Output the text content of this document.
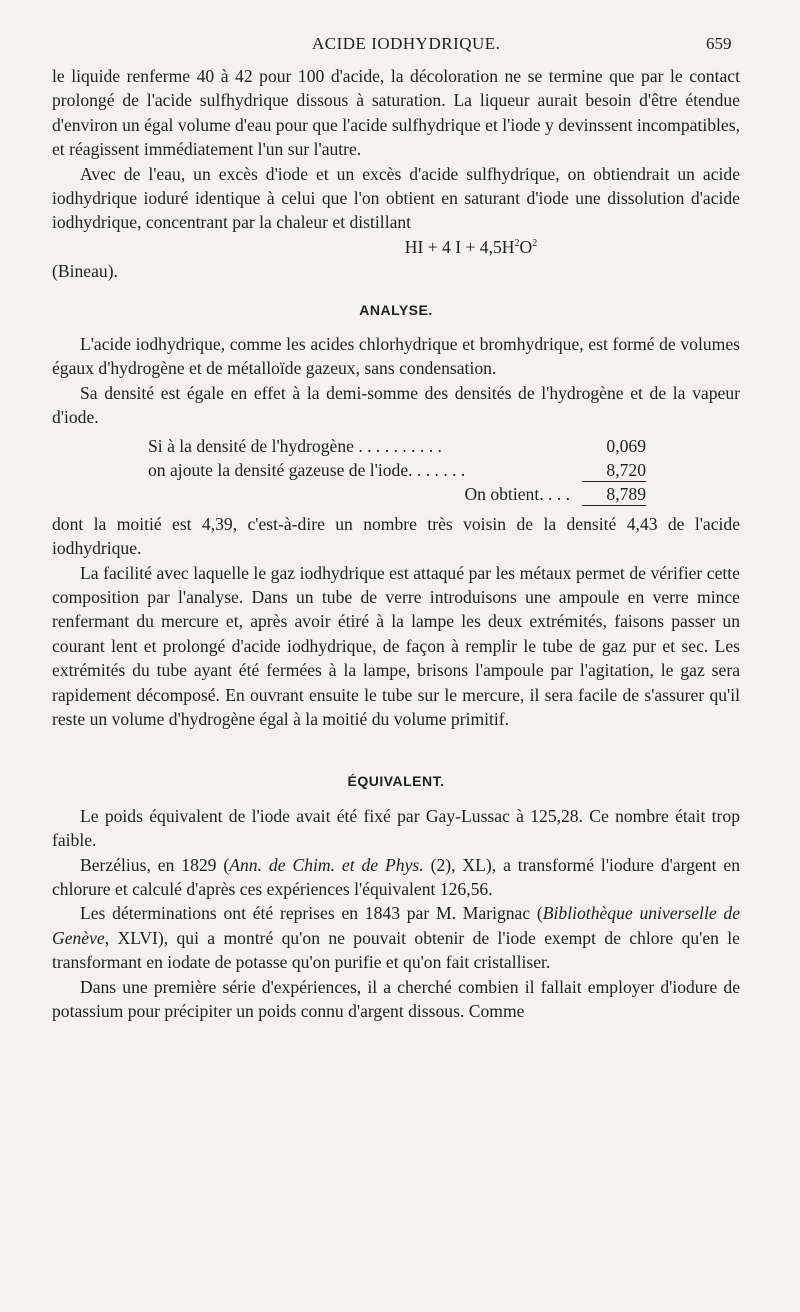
ACIDE IODHYDRIQUE.	659

le liquide renferme 40 à 42 pour 100 d'acide, la décoloration ne se termine que par le contact prolongé de l'acide sulfhydrique dissous à saturation. La liqueur aurait besoin d'être étendue d'environ un égal volume d'eau pour que l'acide sulfhydrique et l'iode y devinssent incompatibles, et réagissent immédiatement l'un sur l'autre.

Avec de l'eau, un excès d'iode et un excès d'acide sulfhydrique, on obtiendrait un acide iodhydrique ioduré identique à celui que l'on obtient en saturant d'iode une dissolution d'acide iodhydrique, concentrant par la chaleur et distillant

HI + 4 $I + 4,5H^2O^2$

(Bineau).

ANALYSE.

L'acide iodhydrique, comme les acides chlorhydrique et bromhydrique, est formé de volumes égaux d'hydrogène et de métalloïde gazeux, sans condensation.

Sa densité est égale en effet à la demi-somme des densités de l'hydrogène et de la vapeur d'iode.

Si à la densité de l'hydrogène . . . . . . . . . .	0,069
on ajoute la densité gazeuse de l'iode. . . . . . .	8,720
On obtient. . . .	8,789

dont la moitié est 4,39, c'est-à-dire un nombre très voisin de la densité 4,43 de l'acide iodhydrique.

La facilité avec laquelle le gaz iodhydrique est attaqué par les métaux permet de vérifier cette composition par l'analyse. Dans un tube de verre introduisons une ampoule en verre mince renfermant du mercure et, après avoir étiré à la lampe les deux extrémités, faisons passer un courant lent et prolongé d'acide iodhydrique, de façon à remplir le tube de gaz pur et sec. Les extrémités du tube ayant été fermées à la lampe, brisons l'ampoule par l'agitation, le gaz sera rapidement décomposé. En ouvrant ensuite le tube sur le mercure, il sera facile de s'assurer qu'il reste un volume d'hydrogène égal à la moitié du volume primitif.

ÉQUIVALENT.

Le poids équivalent de l'iode avait été fixé par Gay-Lussac à 125,28. Ce nombre était trop faible.

Berzélius, en 1829 (Ann. de Chim. et de Phys. (2), XL), a transformé l'iodure d'argent en chlorure et calculé d'après ces expériences l'équivalent 126,56.

Les déterminations ont été reprises en 1843 par M. Marignac (Bibliothèque universelle de Genève, XLVI), qui a montré qu'on ne pouvait obtenir de l'iode exempt de chlore qu'en le transformant en iodate de potasse qu'on purifie et qu'on fait cristalliser.

Dans une première série d'expériences, il a cherché combien il fallait employer d'iodure de potassium pour précipiter un poids connu d'argent dissous. Comme
